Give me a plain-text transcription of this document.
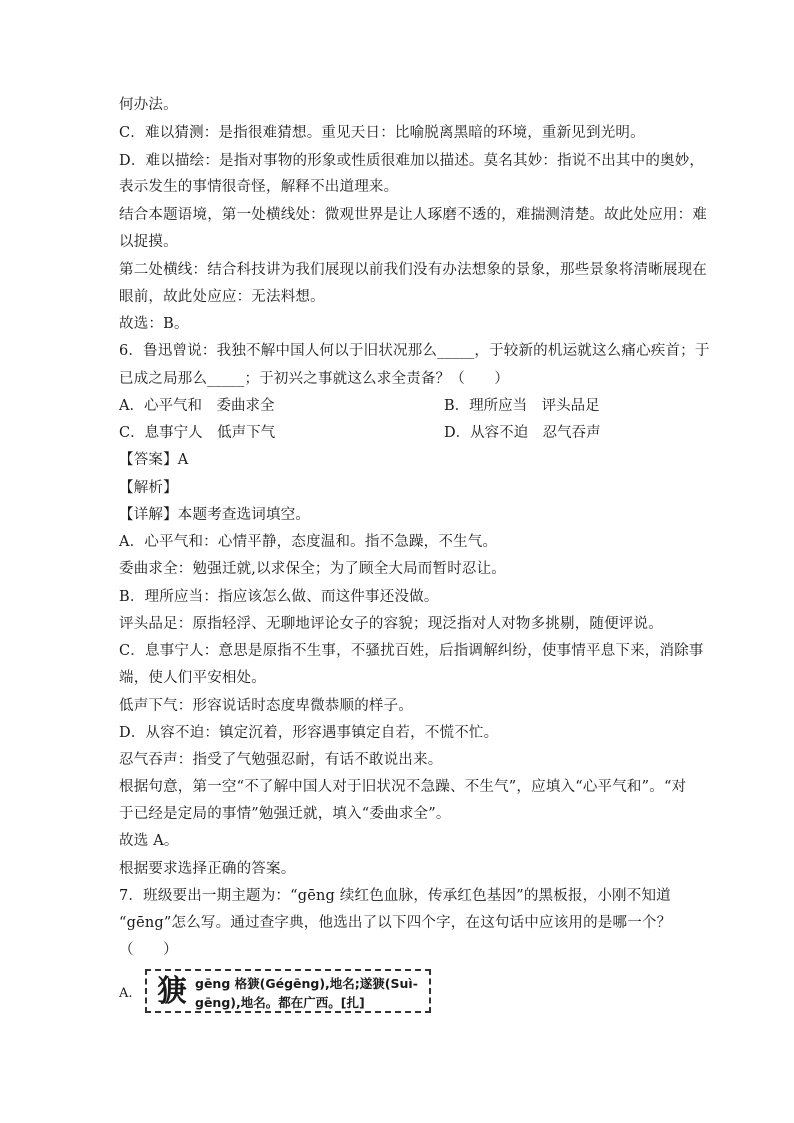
何办法。
C．难以猜测：是指很难猜想。重见天日：比喻脱离黑暗的环境，重新见到光明。
D．难以描绘：是指对事物的形象或性质很难加以描述。莫名其妙：指说不出其中的奥妙，
表示发生的事情很奇怪，解释不出道理来。
结合本题语境，第一处横线处：微观世界是让人琢磨不透的，难揣测清楚。故此处应用：难
以捉摸。
第二处横线：结合科技讲为我们展现以前我们没有办法想象的景象，那些景象将清晰展现在
眼前，故此处应应：无法料想。
故选：B。
6．鲁迅曾说：我独不解中国人何以于旧状况那么_____，于较新的机运就这么痛心疾首；于
已成之局那么_____；于初兴之事就这么求全责备？（　　）
A．心平气和　委曲求全	B．理所应当　评头品足
C．息事宁人　低声下气	D．从容不迫　忍气吞声
【答案】A
【解析】
【详解】本题考查选词填空。
A．心平气和：心情平静，态度温和。指不急躁，不生气。
委曲求全：勉强迁就,以求保全；为了顾全大局而暂时忍让。
B．理所应当：指应该怎么做、而这件事还没做。
评头品足：原指轻浮、无聊地评论女子的容貌；现泛指对人对物多挑剔，随便评说。
C．息事宁人：意思是原指不生事，不骚扰百姓，后指调解纠纷，使事情平息下来，消除事
端，使人们平安相处。
低声下气：形容说话时态度卑微恭顺的样子。
D．从容不迫：镇定沉着，形容遇事镇定自若，不慌不忙。
忍气吞声：指受了气勉强忍耐，有话不敢说出来。
根据句意，第一空“不了解中国人对于旧状况不急躁、不生气”，应填入“心平气和”。“对
于已经是定局的事情”勉强迁就，填入“委曲求全”。
故选 A。
根据要求选择正确的答案。
7．班级要出一期主题为：“gēng 续红色血脉，传承红色基因”的黑板报，小刚不知道
“gēng”怎么写。通过查字典，他选出了以下四个字，在这句话中应该用的是哪一个？
（　　）
A. 㹹 gēng 格㹹(Gégēng),地名;遂㹹(Suì-
gēng),地名。都在广西。[扎]
